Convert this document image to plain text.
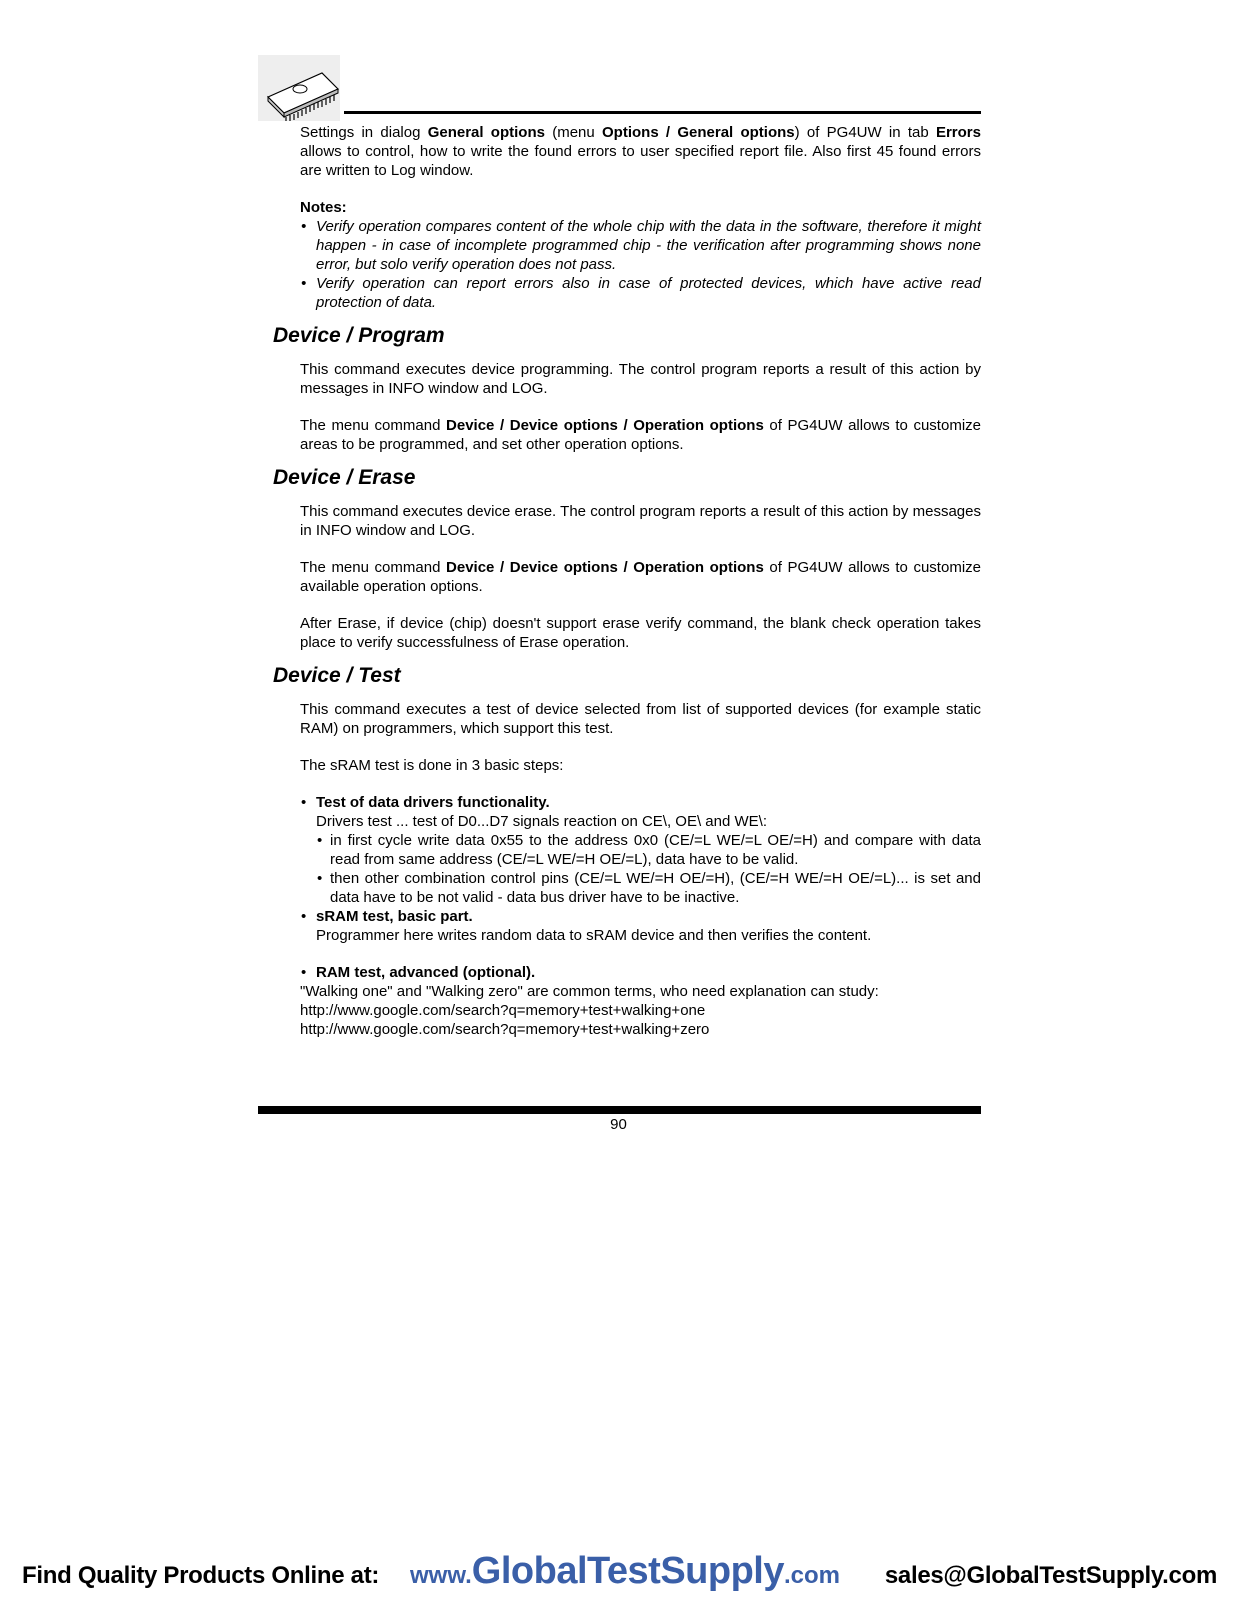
Settings in dialog General options (menu Options / General options) of PG4UW in tab Errors allows to control, how to write the found errors to user specified report file. Also first 45 found errors are written to Log window.

Notes:

• Verify operation compares content of the whole chip with the data in the software, therefore it might happen - in case of incomplete programmed chip - the verification after programming shows none error, but solo verify operation does not pass.
• Verify operation can report errors also in case of protected devices, which have active read protection of data.
Device / Program

This command executes device programming. The control program reports a result of this action by messages in INFO window and LOG.

The menu command Device / Device options / Operation options of PG4UW allows to customize areas to be programmed, and set other operation options.

Device / Erase

This command executes device erase. The control program reports a result of this action by messages in INFO window and LOG.

The menu command Device / Device options / Operation options of PG4UW allows to customize available operation options.

After Erase, if device (chip) doesn't support erase verify command, the blank check operation takes place to verify successfulness of Erase operation.

Device / Test

This command executes a test of device selected from list of supported devices (for example static RAM) on programmers, which support this test.

The sRAM test is done in 3 basic steps:

• Test of data drivers functionality.
Drivers test ... test of D0...D7 signals reaction on CE\, OE\ and WE\:
• in first cycle write data 0x55 to the address 0x0 (CE/=L WE/=L OE/=H) and compare with data read from same address (CE/=L WE/=H OE/=L), data have to be valid.
• then other combination control pins (CE/=L WE/=H OE/=H), (CE/=H WE/=H OE/=L)... is set and data have to be not valid - data bus driver have to be inactive.
• sRAM test, basic part.
Programmer here writes random data to sRAM device and then verifies the content.
• RAM test, advanced (optional).

"Walking one" and "Walking zero" are common terms, who need explanation can study:

http://www.google.com/search?q=memory+test+walking+one

http://www.google.com/search?q=memory+test+walking+zero

90
Find Quality Products Online at: www.GlobalTestSupply.com sales@GlobalTestSupply.com
